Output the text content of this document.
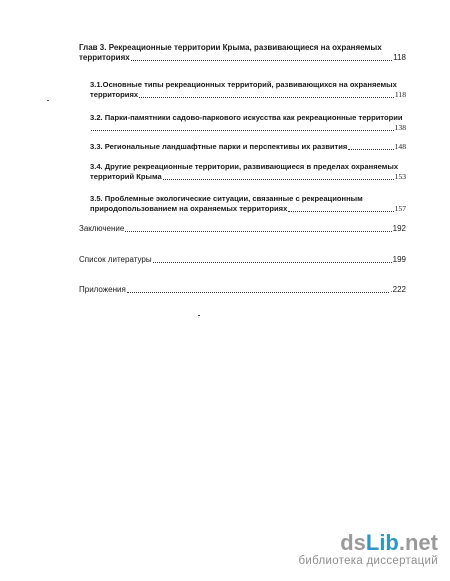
Глав 3. Рекреационные территории Крыма, развивающиеся на охраняемых
территориях	118
3.1.Основные типы рекреационных территорий, развивающихся на охраняемых
территориях	118
3.2. Парки-памятники садово-паркового искусства как рекреационные территории
138
3.3. Региональные ландшафтные парки и перспективы их развития	148
3.4. Другие рекреационные территории, развивающиеся в пределах охраняемых
территорий Крыма	153
3.5. Проблемные экологические ситуации, связанные с рекреационным
природопользованием на охраняемых территориях	157
Заключение	192
Список литературы	199
Приложения	.222
dsLib.net
библиотека диссертаций
